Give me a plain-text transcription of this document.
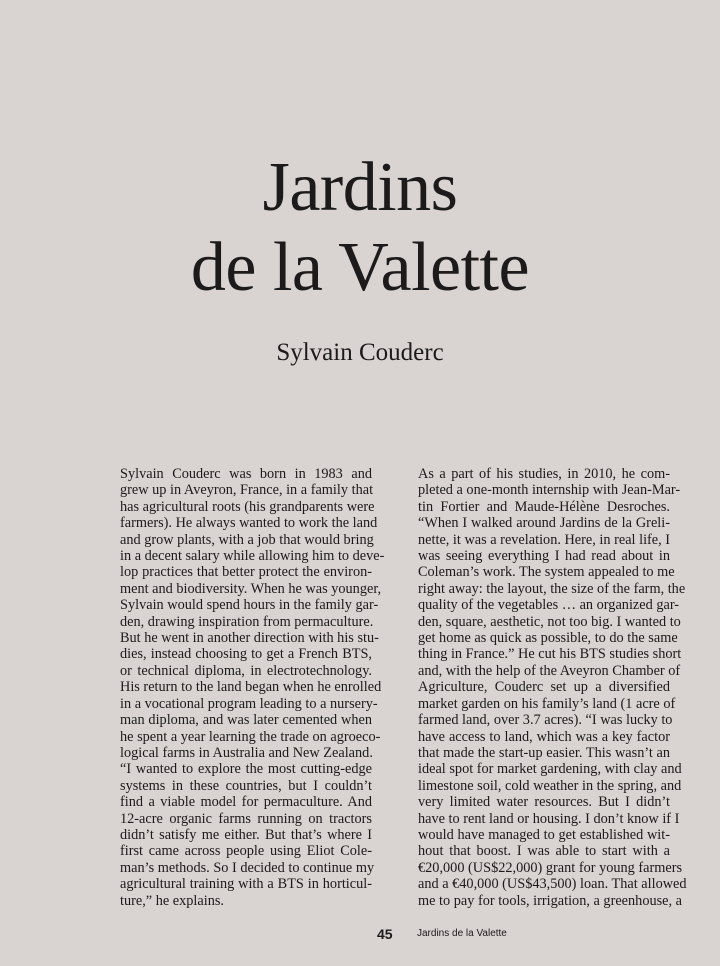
Jardins
de la Valette
Sylvain Couderc

Sylvain Couderc was born in 1983 and
grew up in Aveyron, France, in a family that
has agricultural roots (his grandparents were
farmers). He always wanted to work the land
and grow plants, with a job that would bring
in a decent salary while allowing him to deve-
lop practices that better protect the environ-
ment and biodiversity. When he was younger,
Sylvain would spend hours in the family gar-
den, drawing inspiration from permaculture.
But he went in another direction with his stu-
dies, instead choosing to get a French BTS,
or technical diploma, in electrotechnology.
His return to the land began when he enrolled
in a vocational program leading to a nursery-
man diploma, and was later cemented when
he spent a year learning the trade on agroeco-
logical farms in Australia and New Zealand.
“I wanted to explore the most cutting-edge
systems in these countries, but I couldn’t
find a viable model for permaculture. And
12-acre organic farms running on tractors
didn’t satisfy me either. But that’s where I
first came across people using Eliot Cole-
man’s methods. So I decided to continue my
agricultural training with a BTS in horticul-
ture,” he explains.

As a part of his studies, in 2010, he com-
pleted a one-month internship with Jean-Mar-
tin Fortier and Maude-Hélène Desroches.
“When I walked around Jardins de la Greli-
nette, it was a revelation. Here, in real life, I
was seeing everything I had read about in
Coleman’s work. The system appealed to me
right away: the layout, the size of the farm, the
quality of the vegetables … an organized gar-
den, square, aesthetic, not too big. I wanted to
get home as quick as possible, to do the same
thing in France.” He cut his BTS studies short
and, with the help of the Aveyron Chamber of
Agriculture, Couderc set up a diversified
market garden on his family’s land (1 acre of
farmed land, over 3.7 acres). “I was lucky to
have access to land, which was a key factor
that made the start-up easier. This wasn’t an
ideal spot for market gardening, with clay and
limestone soil, cold weather in the spring, and
very limited water resources. But I didn’t
have to rent land or housing. I don’t know if I
would have managed to get established wit-
hout that boost. I was able to start with a
€20,000 (US$22,000) grant for young farmers
and a €40,000 (US$43,500) loan. That allowed
me to pay for tools, irrigation, a greenhouse, a

45 Jardins de la Valette
